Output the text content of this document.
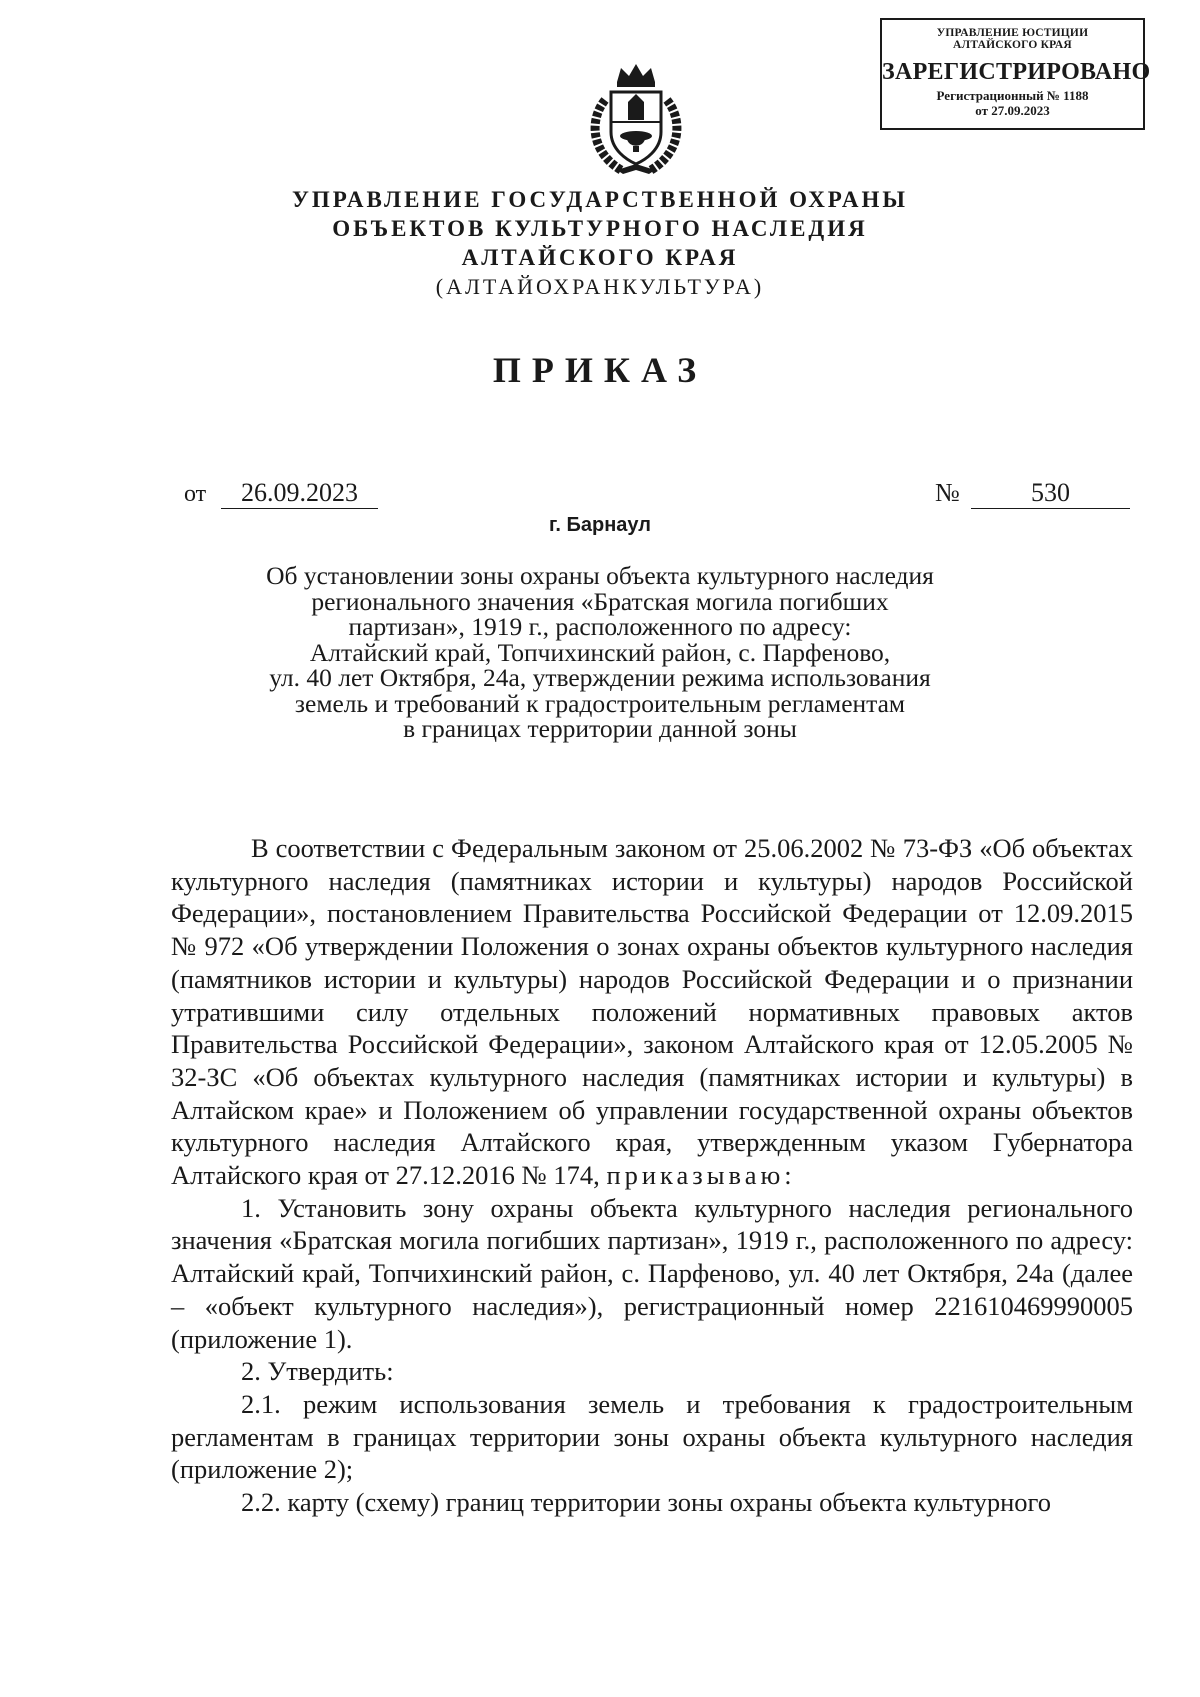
УПРАВЛЕНИЕ ЮСТИЦИИ
АЛТАЙСКОГО КРАЯ
ЗАРЕГИСТРИРОВАНО
Регистрационный № 1188
от 27.09.2023
УПРАВЛЕНИЕ ГОСУДАРСТВЕННОЙ ОХРАНЫ
ОБЪЕКТОВ КУЛЬТУРНОГО НАСЛЕДИЯ
АЛТАЙСКОГО КРАЯ
(АЛТАЙОХРАНКУЛЬТУРА)
ПРИКАЗ
от	26.09.2023	№	530
г. Барнаул
Об установлении зоны охраны объекта культурного наследия
регионального значения «Братская могила погибших
партизан», 1919 г., расположенного по адресу:
Алтайский край, Топчихинский район, с. Парфеново,
ул. 40 лет Октября, 24а, утверждении режима использования
земель и требований к градостроительным регламентам
в границах территории данной зоны

В соответствии с Федеральным законом от 25.06.2002 № 73-ФЗ «Об объектах культурного наследия (памятниках истории и культуры) народов Российской Федерации», постановлением Правительства Российской Федерации от 12.09.2015 № 972 «Об утверждении Положения о зонах охраны объектов культурного наследия (памятников истории и культуры) народов Российской Федерации и о признании утратившими силу отдельных положений нормативных правовых актов Правительства Российской Федерации», законом Алтайского края от 12.05.2005 № 32-ЗС «Об объектах культурного наследия (памятниках истории и культуры) в Алтайском крае» и Положением об управлении государственной охраны объектов культурного наследия Алтайского края, утвержденным указом Губернатора Алтайского края от 27.12.2016 № 174, приказываю:

1. Установить зону охраны объекта культурного наследия регионального значения «Братская могила погибших партизан», 1919 г., расположенного по адресу: Алтайский край, Топчихинский район, с. Парфеново, ул. 40 лет Октября, 24а (далее – «объект культурного наследия»), регистрационный номер 221610469990005 (приложение 1).

2. Утвердить:

2.1. режим использования земель и требования к градостроительным регламентам в границах территории зоны охраны объекта культурного наследия (приложение 2);

2.2. карту (схему) границ территории зоны охраны объекта культурного
